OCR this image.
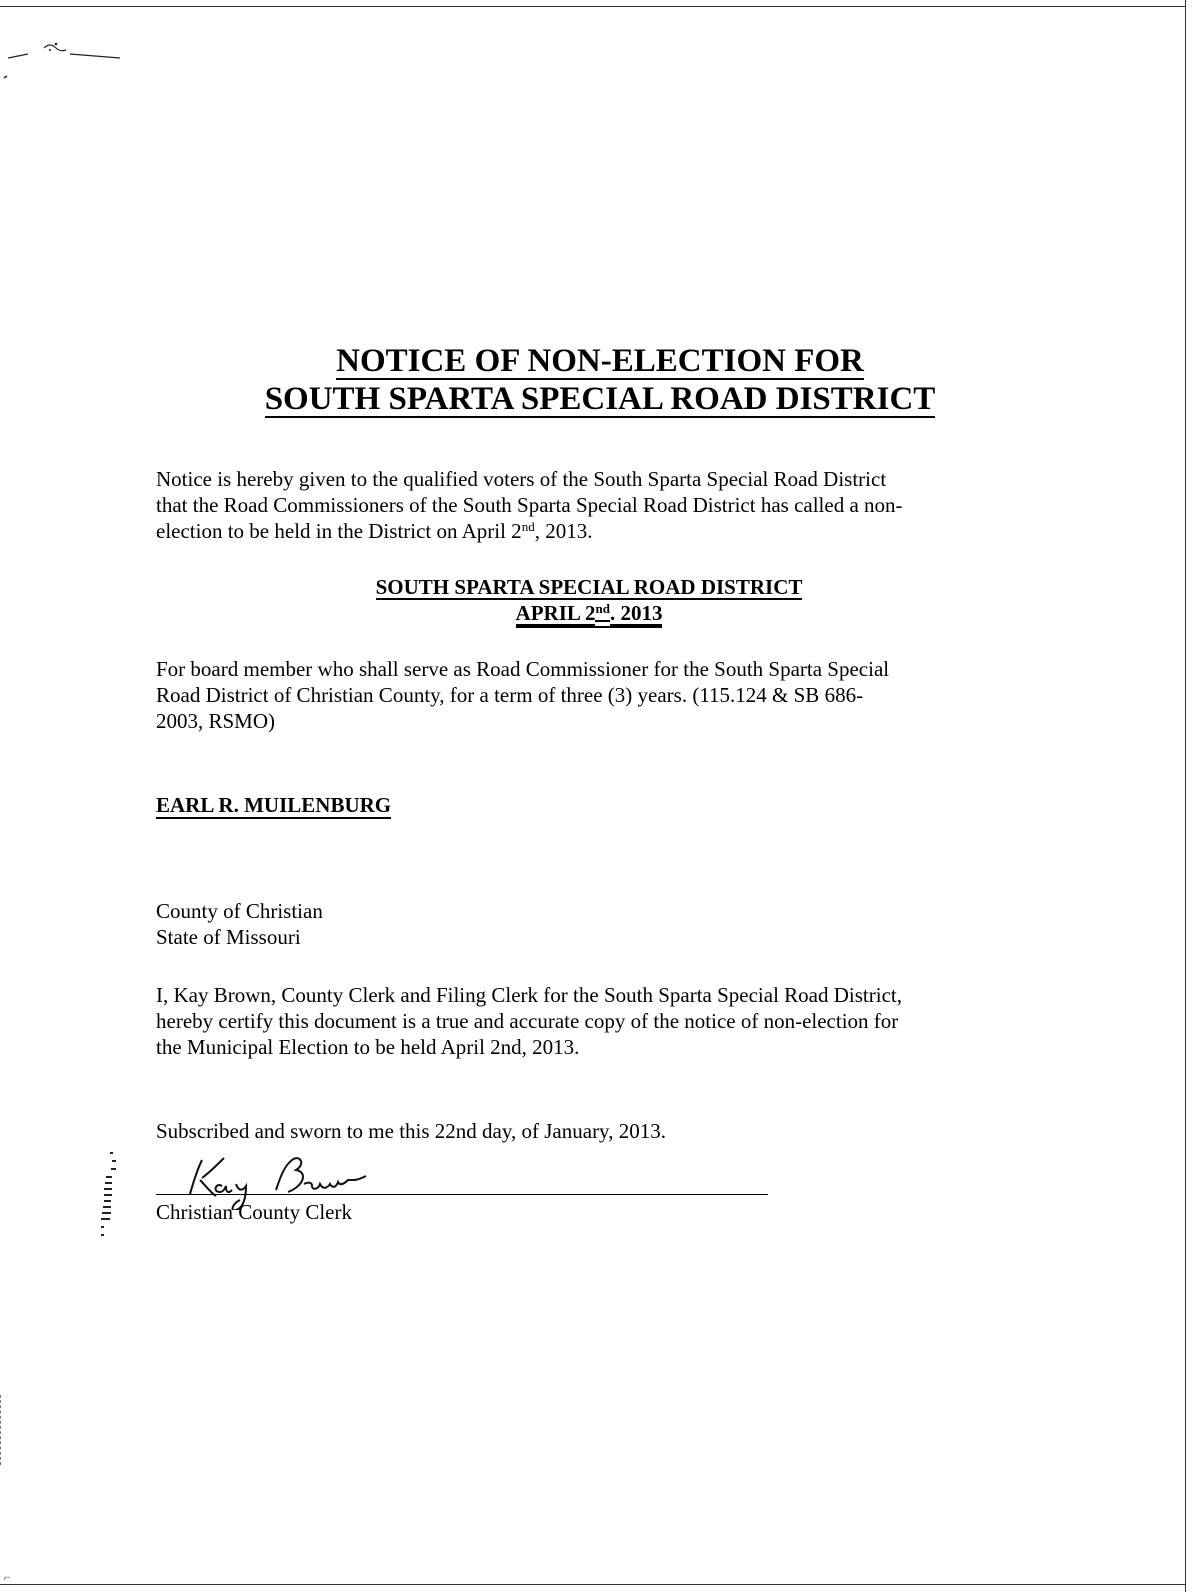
⌐
NOTICE OF NON-ELECTION FOR
SOUTH SPARTA SPECIAL ROAD DISTRICT

Notice is hereby given to the qualified voters of the South Sparta Special Road District

that the Road Commissioners of the South Sparta Special Road District has called a non-

election to be held in the District on April 2nd, 2013.

SOUTH SPARTA SPECIAL ROAD DISTRICT
APRIL 2nd. 2013

For board member who shall serve as Road Commissioner for the South Sparta Special

Road District of Christian County, for a term of three (3) years. (115.124 & SB 686-

2003, RSMO)

EARL R. MUILENBURG

County of Christian

State of Missouri

I, Kay Brown, County Clerk and Filing Clerk for the South Sparta Special Road District,

hereby certify this document is a true and accurate copy of the notice of non-election for

the Municipal Election to be held April 2nd, 2013.

Subscribed and sworn to me this 22nd day, of January, 2013.

Christian County Clerk
